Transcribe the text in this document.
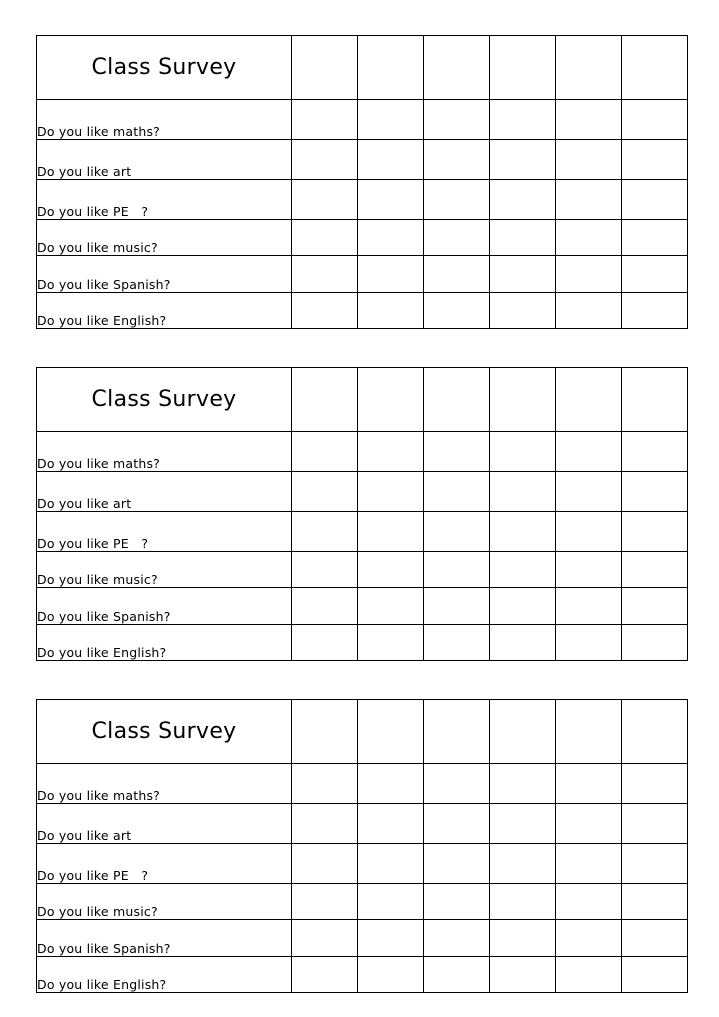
Class Survey						
Do you like maths?						
Do you like art						
Do you like PE   ?						
Do you like music?						
Do you like Spanish?						
Do you like English?						
Class Survey						
Do you like maths?						
Do you like art						
Do you like PE   ?						
Do you like music?						
Do you like Spanish?						
Do you like English?						
Class Survey						
Do you like maths?						
Do you like art						
Do you like PE   ?						
Do you like music?						
Do you like Spanish?						
Do you like English?						
